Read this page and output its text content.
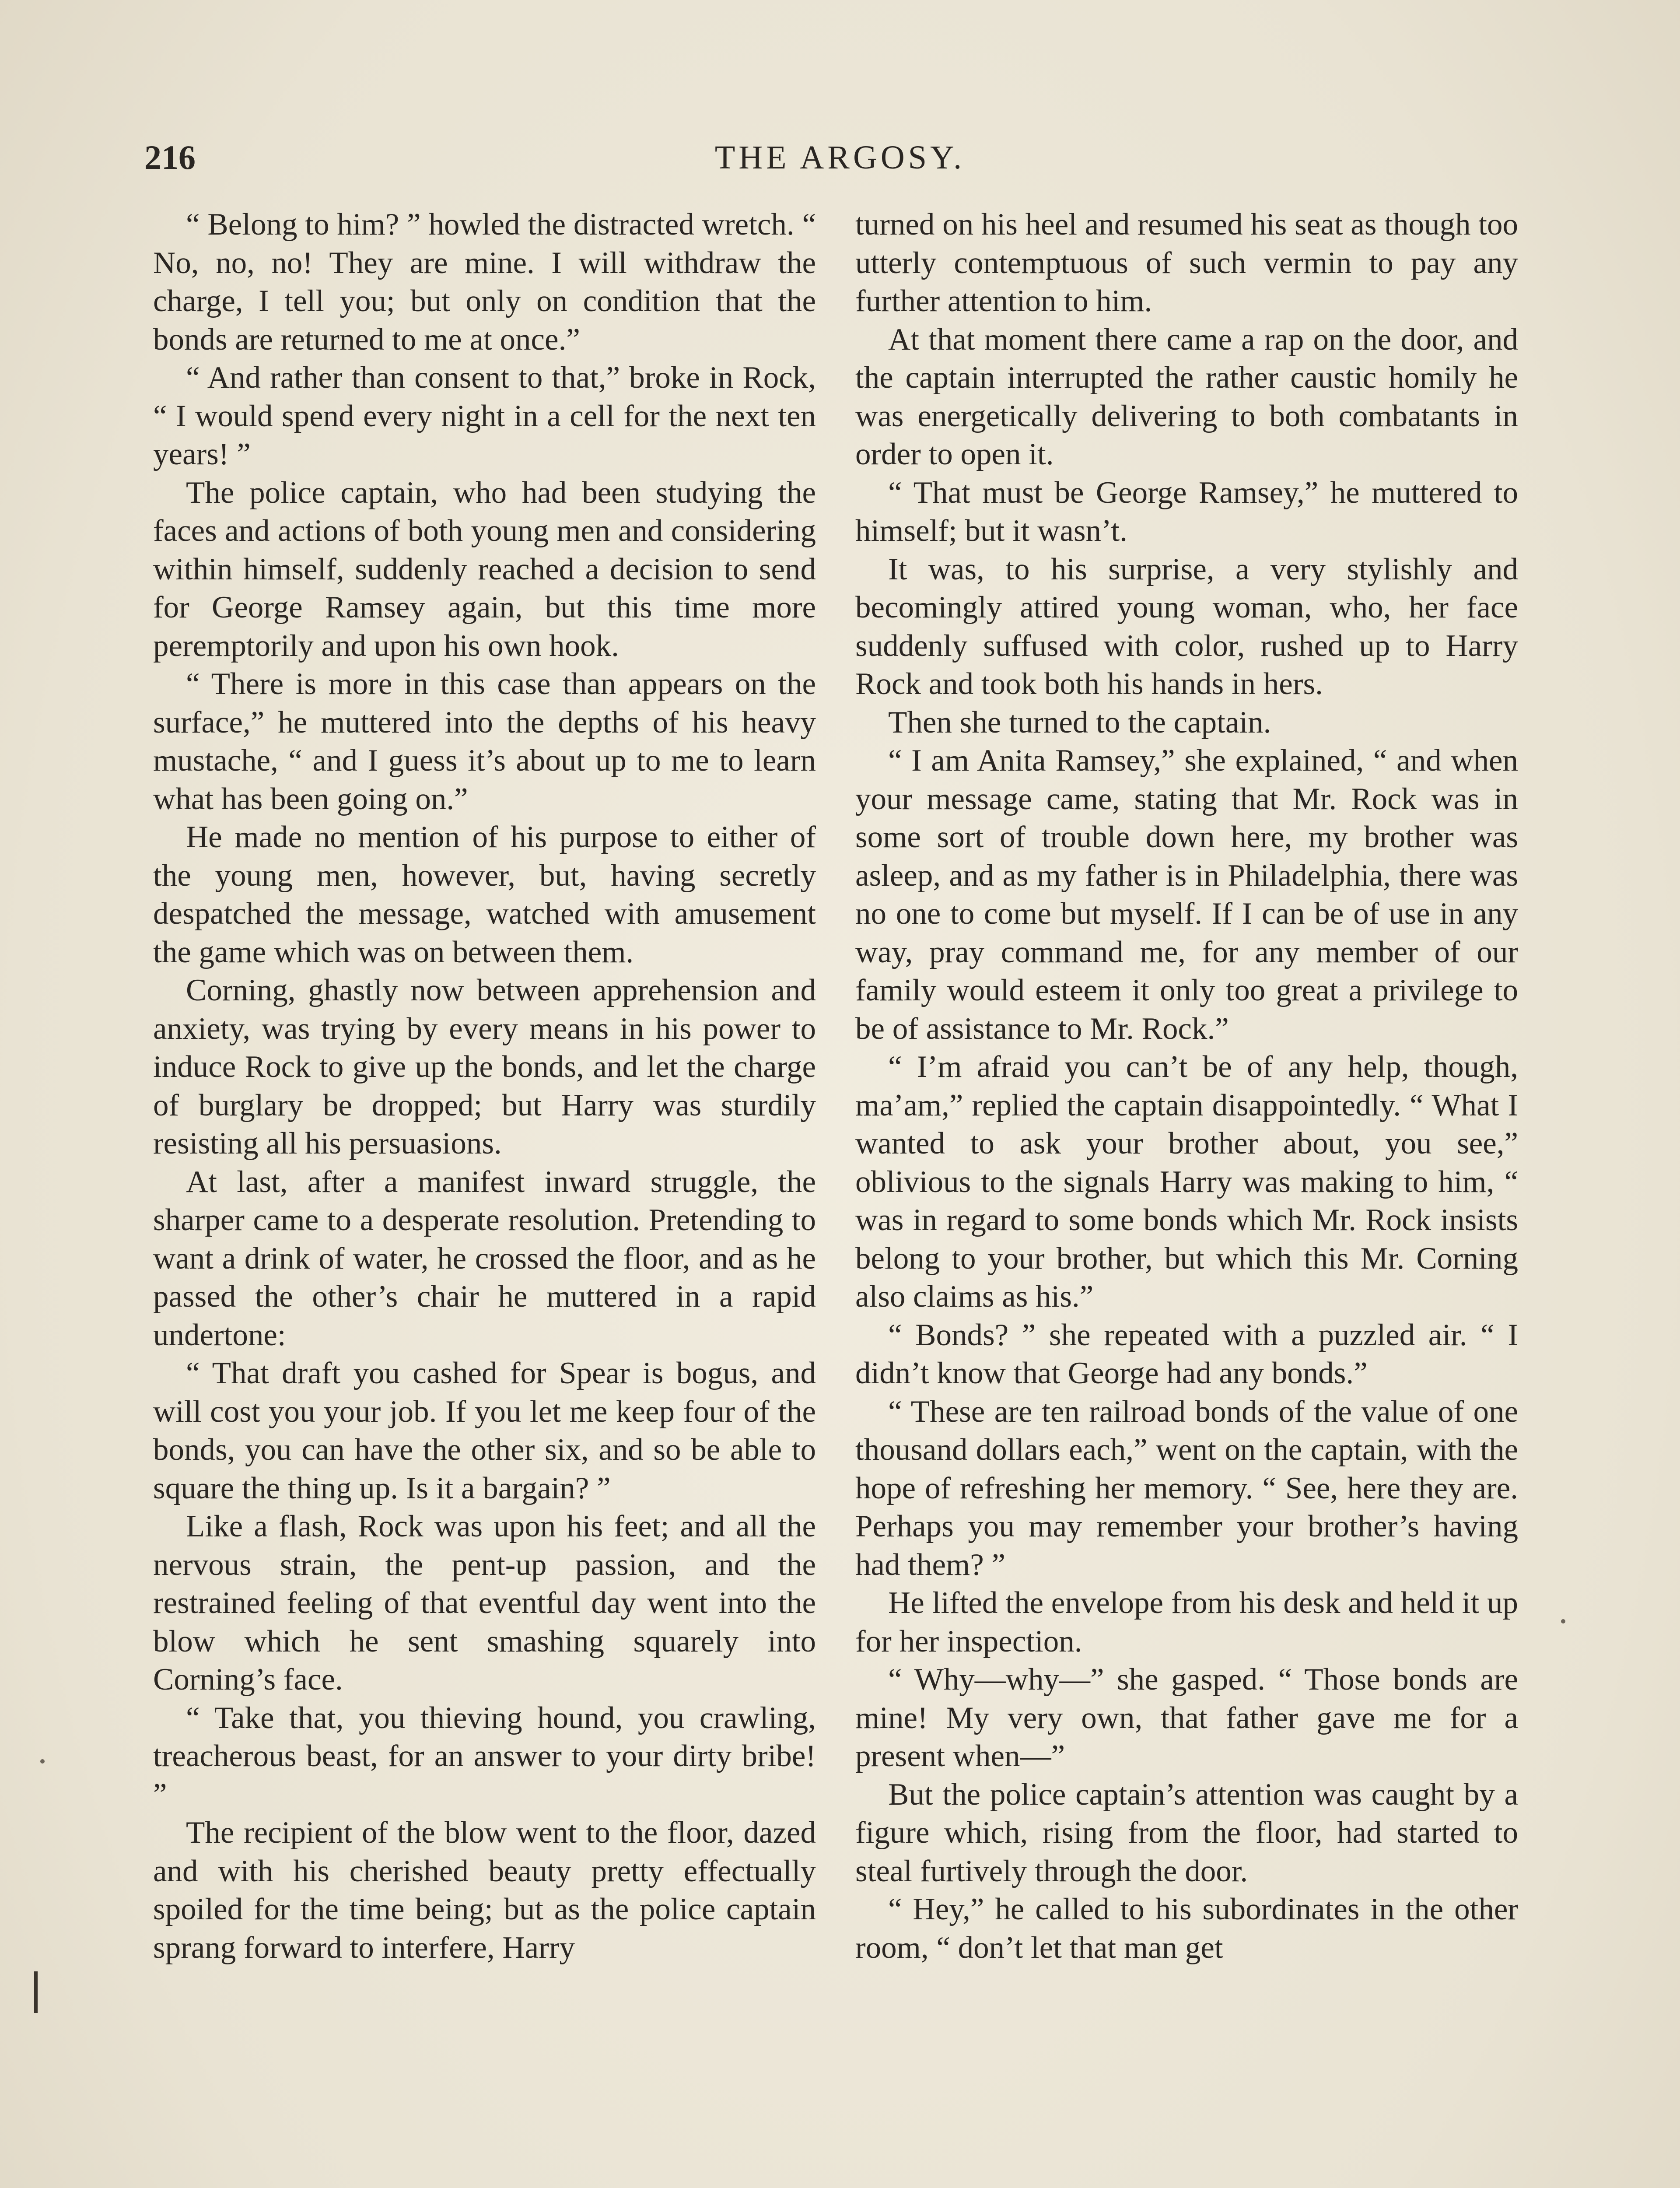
216	THE ARGOSY.

“ Belong to him? ” howled the distracted wretch. “ No, no, no! They are mine. I will withdraw the charge, I tell you; but only on condition that the bonds are returned to me at once.”

“ And rather than consent to that,” broke in Rock, “ I would spend every night in a cell for the next ten years! ”

The police captain, who had been studying the faces and actions of both young men and considering within himself, suddenly reached a decision to send for George Ramsey again, but this time more peremptorily and upon his own hook.

“ There is more in this case than appears on the surface,” he muttered into the depths of his heavy mustache, “ and I guess it’s about up to me to learn what has been going on.”

He made no mention of his purpose to either of the young men, however, but, having secretly despatched the message, watched with amusement the game which was on between them.

Corning, ghastly now between apprehension and anxiety, was trying by every means in his power to induce Rock to give up the bonds, and let the charge of burglary be dropped; but Harry was sturdily resisting all his persuasions.

At last, after a manifest inward struggle, the sharper came to a desperate resolution. Pretending to want a drink of water, he crossed the floor, and as he passed the other’s chair he muttered in a rapid undertone:

“ That draft you cashed for Spear is bogus, and will cost you your job. If you let me keep four of the bonds, you can have the other six, and so be able to square the thing up. Is it a bargain? ”

Like a flash, Rock was upon his feet; and all the nervous strain, the pent-up passion, and the restrained feeling of that eventful day went into the blow which he sent smashing squarely into Corning’s face.

“ Take that, you thieving hound, you crawling, treacherous beast, for an answer to your dirty bribe! ”

The recipient of the blow went to the floor, dazed and with his cherished beauty pretty effectually spoiled for the time being; but as the police captain sprang forward to interfere, Harry

turned on his heel and resumed his seat as though too utterly contemptuous of such vermin to pay any further attention to him.

At that moment there came a rap on the door, and the captain interrupted the rather caustic homily he was energetically delivering to both combatants in order to open it.

“ That must be George Ramsey,” he muttered to himself; but it wasn’t.

It was, to his surprise, a very stylishly and becomingly attired young woman, who, her face suddenly suffused with color, rushed up to Harry Rock and took both his hands in hers.

Then she turned to the captain.

“ I am Anita Ramsey,” she explained, “ and when your message came, stating that Mr. Rock was in some sort of trouble down here, my brother was asleep, and as my father is in Philadelphia, there was no one to come but myself. If I can be of use in any way, pray command me, for any member of our family would esteem it only too great a privilege to be of assistance to Mr. Rock.”

“ I’m afraid you can’t be of any help, though, ma’am,” replied the captain disappointedly. “ What I wanted to ask your brother about, you see,” oblivious to the signals Harry was making to him, “ was in regard to some bonds which Mr. Rock insists belong to your brother, but which this Mr. Corning also claims as his.”

“ Bonds? ” she repeated with a puzzled air. “ I didn’t know that George had any bonds.”

“ These are ten railroad bonds of the value of one thousand dollars each,” went on the captain, with the hope of refreshing her memory. “ See, here they are. Perhaps you may remember your brother’s having had them? ”

He lifted the envelope from his desk and held it up for her inspection.

“ Why—why—” she gasped. “ Those bonds are mine! My very own, that father gave me for a present when—”

But the police captain’s attention was caught by a figure which, rising from the floor, had started to steal furtively through the door.

“ Hey,” he called to his subordinates in the other room, “ don’t let that man get
